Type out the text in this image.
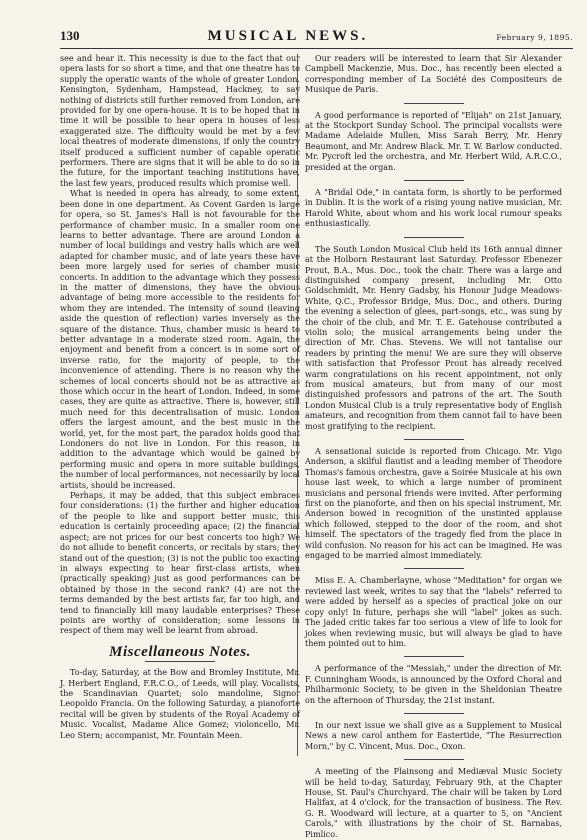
130	MUSICAL NEWS.	February 9, 1895.

see and hear it. This necessity is due to the fact that our opera lasts for so short a time, and that one theatre has to supply the operatic wants of the whole of greater London. Kensington, Sydenham, Hampstead, Hackney, to say nothing of districts still further removed from London, are provided for by one opera-house. It is to be hoped that in time it will be possible to hear opera in houses of less exaggerated size. The difficulty would be met by a few local theatres of moderate dimensions, if only the country itself produced a sufficient number of capable operatic performers. There are signs that it will be able to do so in the future, for the important teaching institutions have, the last few years, produced results which promise well.

What is needed in opera has already, to some extent, been done in one department. As Covent Garden is large for opera, so St. James's Hall is not favourable for the performance of chamber music. In a smaller room one learns to better advantage. There are around London a number of local buildings and vestry halls which are well adapted for chamber music, and of late years these have been more largely used for series of chamber music concerts. In addition to the advantage which they possess in the matter of dimensions, they have the obvious advantage of being more accessible to the residents for whom they are intended. The intensity of sound (leaving aside the question of reflection) varies inversely as the square of the distance. Thus, chamber music is heard to better advantage in a moderate sized room. Again, the enjoyment and benefit from a concert is in some sort of inverse ratio, for the majority of people, to the inconvenience of attending. There is no reason why the schemes of local concerts should not be as attractive as those which occur in the heart of London. Indeed, in some cases, they are quite as attractive. There is, however, still much need for this decentralisation of music. London offers the largest amount, and the best music in the world, yet, for the most part, the paradox holds good that Londoners do not live in London. For this reason, in addition to the advantage which would be gained by performing music and opera in more suitable buildings, the number of local performances, not necessarily by local artists, should be increased.

Perhaps, it may be added, that this subject embraces four considerations: (1) the further and higher education of the people to like and support better music, this education is certainly proceeding apace; (2) the financial aspect; are not prices for our best concerts too high? We do not allude to benefit concerts, or recitals by stars; they stand out of the question; (3) is not the public too exacting in always expecting to hear first-class artists, when (practically speaking) just as good performances can be obtained by those in the second rank? (4) are not the terms demanded by the best artists far, far too high, and tend to financially kill many laudable enterprises? These points are worthy of consideration; some lessons in respect of them may well be learnt from abroad.

Miscellaneous Notes.

To-day, Saturday, at the Bow and Bromley Institute, Mr. J. Herbert England, F.R.C.O., of Leeds, will play. Vocalists, the Scandinavian Quartet; solo mandoline, Signor Leopoldo Francia. On the following Saturday, a pianoforte recital will be given by students of the Royal Academy of Music. Vocalist, Madame Alice Gomez; violoncello, Mr. Leo Stern; accompanist, Mr. Fountain Meen.

Our readers will be interested to learn that Sir Alexander Campbell Mackenzie, Mus. Doc., has recently been elected a corresponding member of La Société des Compositeurs de Musique de Paris.

A good performance is reported of "Elijah" on 21st January, at the Stockport Sunday School. The principal vocalists were Madame Adelaide Mullen, Miss Sarah Berry, Mr. Henry Beaumont, and Mr. Andrew Black. Mr. T. W. Barlow conducted. Mr. Pycroft led the orchestra, and Mr. Herbert Wild, A.R.C.O., presided at the organ.

A "Bridal Ode," in cantata form, is shortly to be performed in Dublin. It is the work of a rising young native musician, Mr. Harold White, about whom and his work local rumour speaks enthusiastically.

The South London Musical Club held its 16th annual dinner at the Holborn Restaurant last Saturday. Professor Ebenezer Prout, B.A., Mus. Doc., took the chair. There was a large and distinguished company present, including Mr. Otto Goldschmidt, Mr. Henry Gadsby, his Honour Judge Meadows-White, Q.C., Professor Bridge, Mus. Doc., and others. During the evening a selection of glees, part-songs, etc., was sung by the choir of the club, and Mr. T. E. Gatehouse contributed a violin solo; the musical arrangements being under the direction of Mr. Chas. Stevens. We will not tantalise our readers by printing the menu! We are sure they will observe with satisfaction that Professor Prout has already received warm congratulations on his recent appointment, not only from musical amateurs, but from many of our most distinguished professors and patrons of the art. The South London Musical Club is a truly representative body of English amateurs, and recognition from them cannot fail to have been most gratifying to the recipient.

A sensational suicide is reported from Chicago. Mr. Vigo Anderson, a skilful flautist and a leading member of Theodore Thomas's famous orchestra, gave a Soirée Musicale at his own house last week, to which a large number of prominent musicians and personal friends were invited. After performing first on the pianoforte, and then on his special instrument, Mr. Anderson bowed in recognition of the unstinted applause which followed, stepped to the door of the room, and shot himself. The spectators of the tragedy fled from the place in wild confusion. No reason for his act can be imagined. He was engaged to be married almost immediately.

Miss E. A. Chamberlayne, whose "Meditation" for organ we reviewed last week, writes to say that the "labels" referred to were added by herself as a species of practical joke on our copy only! In future, perhaps she will "label" jokes as such. The jaded critic takes far too serious a view of life to look for jokes when reviewing music, but will always be glad to have them pointed out to him.

A performance of the "Messiah," under the direction of Mr. F. Cunningham Woods, is announced by the Oxford Choral and Philharmonic Society, to be given in the Sheldonian Theatre on the afternoon of Thursday, the 21st instant.

In our next issue we shall give as a Supplement to Musical News a new carol anthem for Eastertide, "The Resurrection Morn," by C. Vincent, Mus. Doc., Oxon.

A meeting of the Plainsong and Mediæval Music Society will be held to-day, Saturday, February 9th, at the Chapter House, St. Paul's Churchyard. The chair will be taken by Lord Halifax, at 4 o'clock, for the transaction of business. The Rev. G. R. Woodward will lecture, at a quarter to 5, on "Ancient Carols," with illustrations by the choir of St. Barnabas, Pimlico.
